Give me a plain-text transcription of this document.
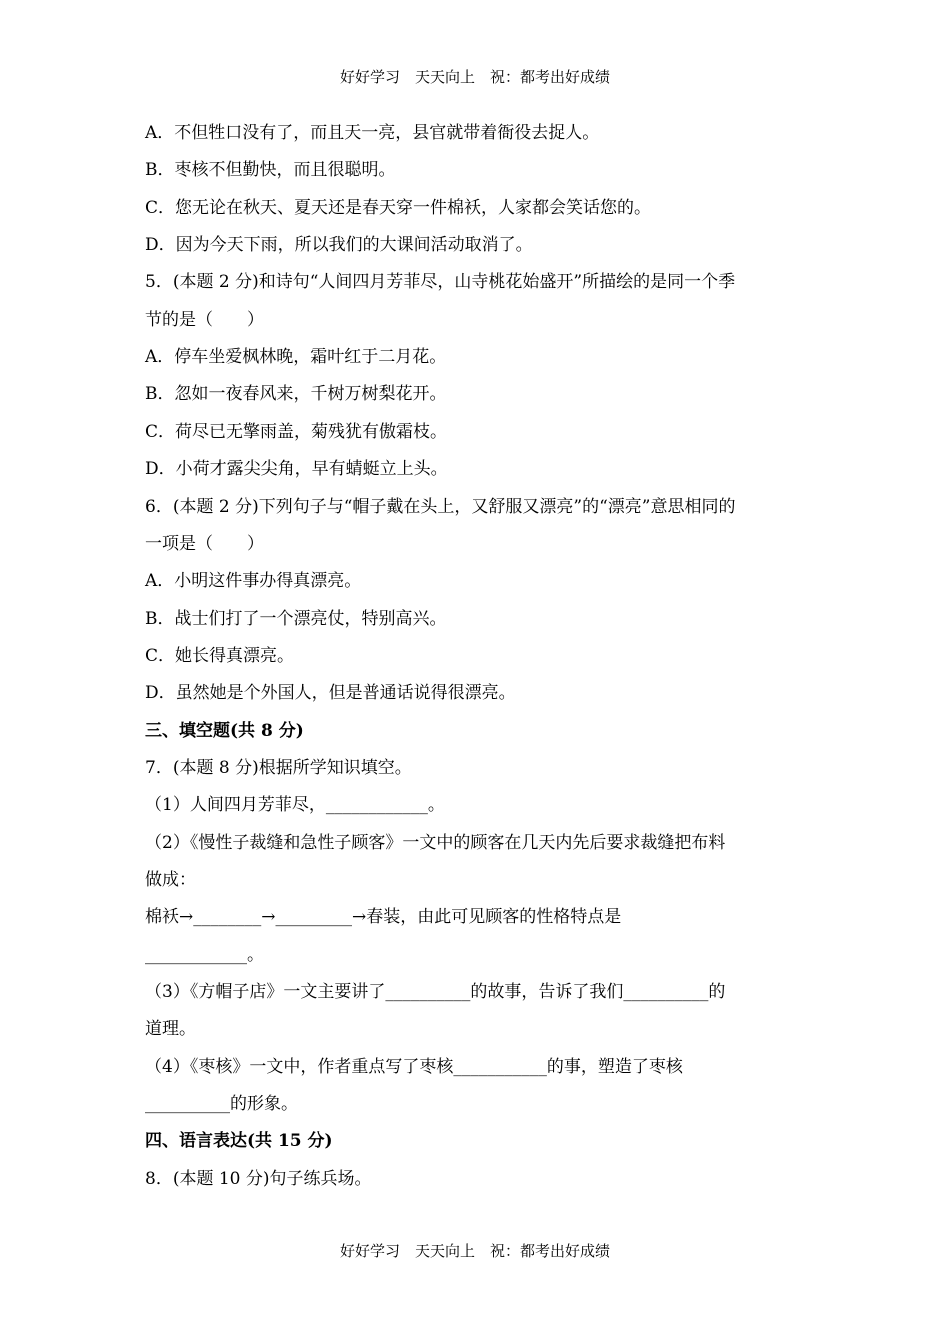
好好学习　天天向上　祝：都考出好成绩
A．不但牲口没有了，而且天一亮，县官就带着衙役去捉人。
B．枣核不但勤快，而且很聪明。
C．您无论在秋天、夏天还是春天穿一件棉袄，人家都会笑话您的。
D．因为今天下雨，所以我们的大课间活动取消了。
5．(本题 2 分)和诗句“人间四月芳菲尽，山寺桃花始盛开”所描绘的是同一个季
节的是（　　）
A．停车坐爱枫林晚，霜叶红于二月花。
B．忽如一夜春风来，千树万树梨花开。
C．荷尽已无擎雨盖，菊残犹有傲霜枝。
D．小荷才露尖尖角，早有蜻蜓立上头。
6．(本题 2 分)下列句子与“帽子戴在头上，又舒服又漂亮”的“漂亮”意思相同的
一项是（　　）
A．小明这件事办得真漂亮。
B．战士们打了一个漂亮仗，特别高兴。
C．她长得真漂亮。
D．虽然她是个外国人，但是普通话说得很漂亮。
三、填空题(共 8 分)
7．(本题 8 分)根据所学知识填空。
（1）人间四月芳菲尽，____________。
（2）《慢性子裁缝和急性子顾客》一文中的顾客在几天内先后要求裁缝把布料
做成：
棉袄→________→_________→春装，由此可见顾客的性格特点是
____________。
（3）《方帽子店》一文主要讲了__________的故事，告诉了我们__________的
道理。
（4）《枣核》一文中，作者重点写了枣核___________的事，塑造了枣核
__________的形象。
四、语言表达(共 15 分)
8．(本题 10 分)句子练兵场。
好好学习　天天向上　祝：都考出好成绩
